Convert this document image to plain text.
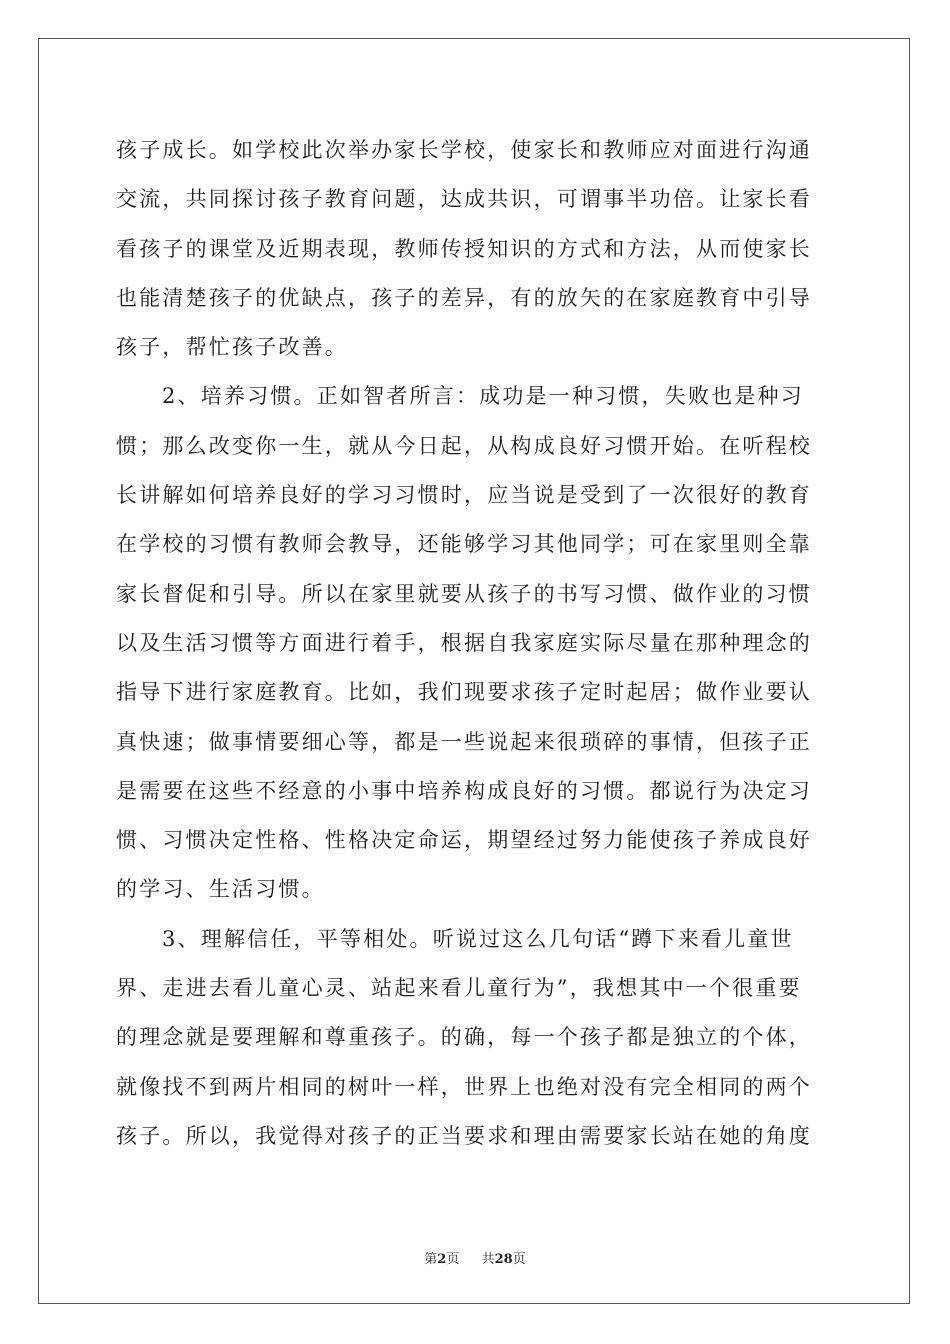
孩子成长。如学校此次举办家长学校，使家长和教师应对面进行沟通
交流，共同探讨孩子教育问题，达成共识，可谓事半功倍。让家长看
看孩子的课堂及近期表现，教师传授知识的方式和方法，从而使家长
也能清楚孩子的优缺点，孩子的差异，有的放矢的在家庭教育中引导
孩子，帮忙孩子改善。
2、培养习惯。正如智者所言：成功是一种习惯，失败也是种习
惯；那么改变你一生，就从今日起，从构成良好习惯开始。在听程校
长讲解如何培养良好的学习习惯时，应当说是受到了一次很好的教育
在学校的习惯有教师会教导，还能够学习其他同学；可在家里则全靠
家长督促和引导。所以在家里就要从孩子的书写习惯、做作业的习惯
以及生活习惯等方面进行着手，根据自我家庭实际尽量在那种理念的
指导下进行家庭教育。比如，我们现要求孩子定时起居；做作业要认
真快速；做事情要细心等，都是一些说起来很琐碎的事情，但孩子正
是需要在这些不经意的小事中培养构成良好的习惯。都说行为决定习
惯、习惯决定性格、性格决定命运，期望经过努力能使孩子养成良好
的学习、生活习惯。
3、理解信任，平等相处。听说过这么几句话“蹲下来看儿童世
界、走进去看儿童心灵、站起来看儿童行为”，我想其中一个很重要
的理念就是要理解和尊重孩子。的确，每一个孩子都是独立的个体，
就像找不到两片相同的树叶一样，世界上也绝对没有完全相同的两个
孩子。所以，我觉得对孩子的正当要求和理由需要家长站在她的角度
第2页 共28页
